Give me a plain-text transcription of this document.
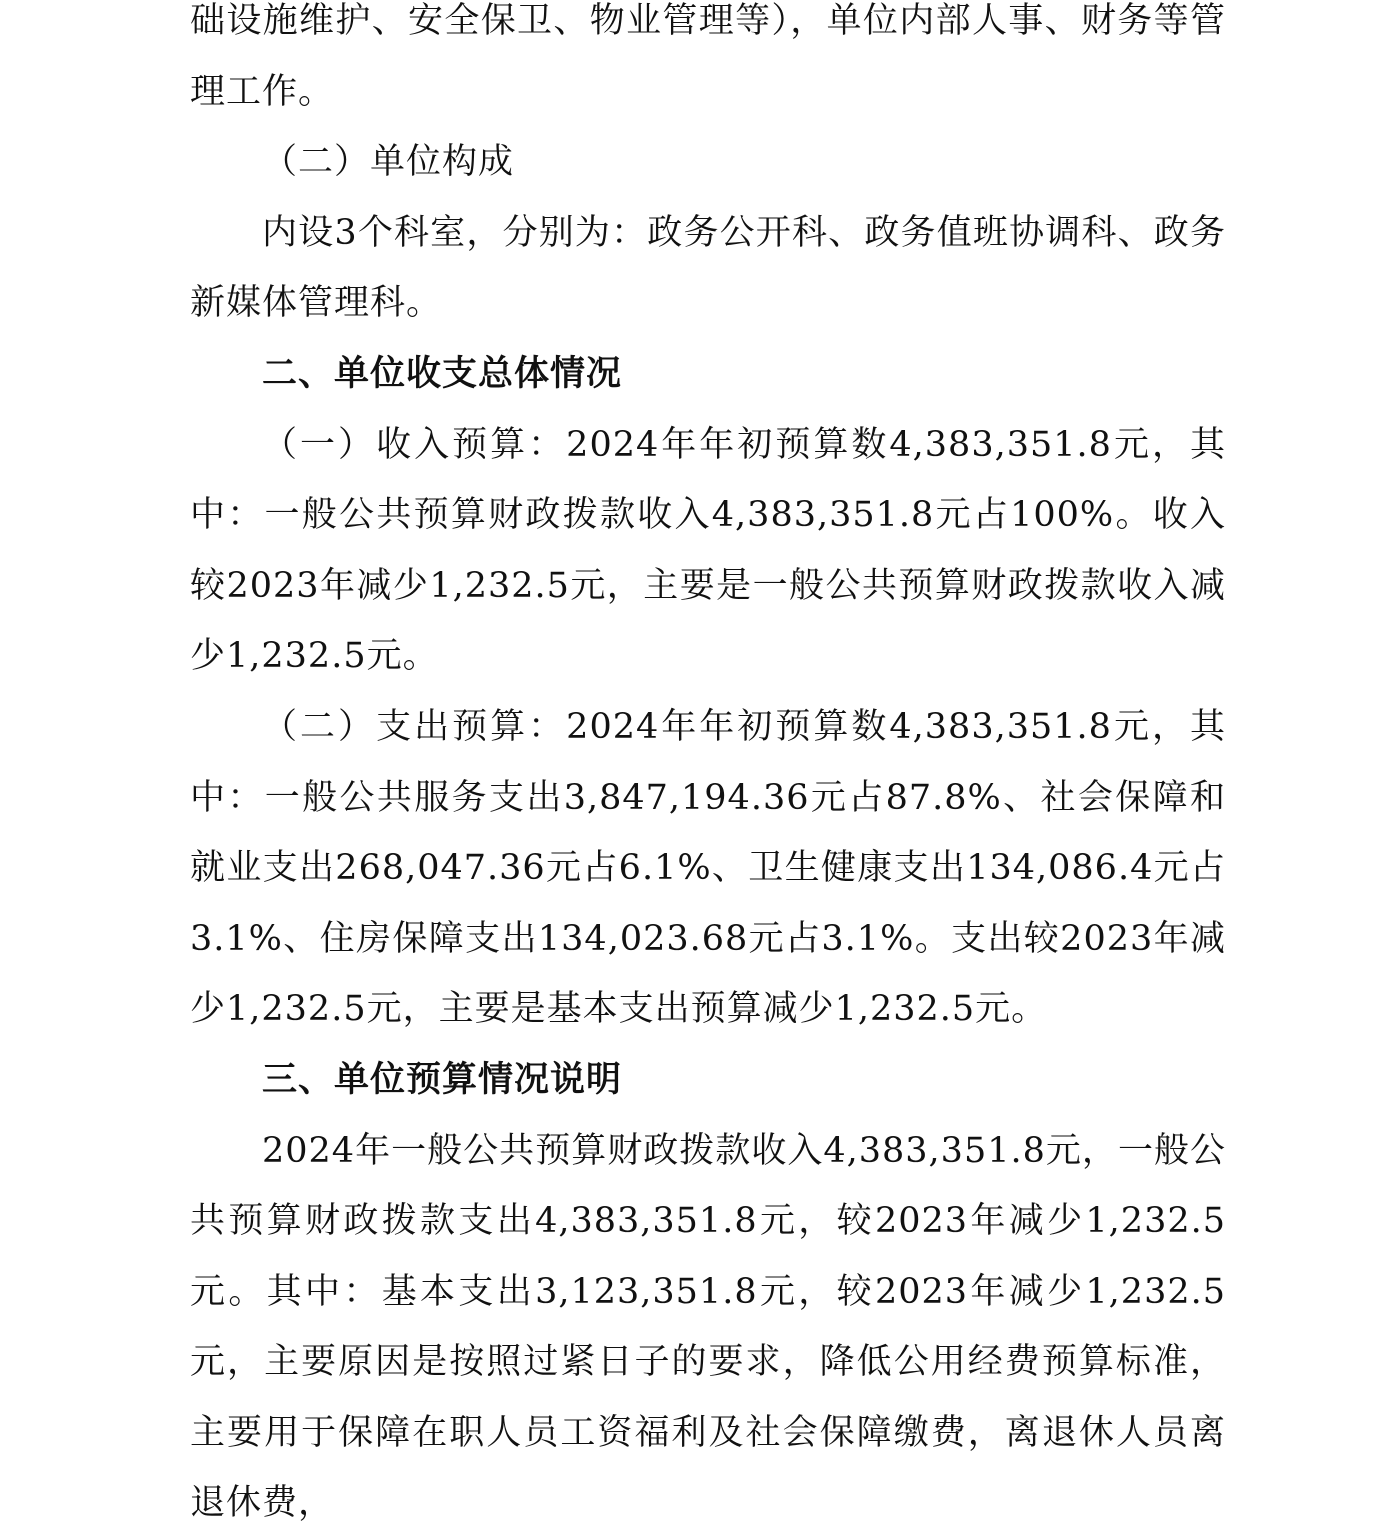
础设施维护、安全保卫、物业管理等），单位内部人事、财务等管理工作。

（二）单位构成

内设3个科室，分别为：政务公开科、政务值班协调科、政务新媒体管理科。

二、单位收支总体情况

（一）收入预算：2024年年初预算数4,383,351.8元，其中：一般公共预算财政拨款收入4,383,351.8元占100%。收入较2023年减少1,232.5元，主要是一般公共预算财政拨款收入减少1,232.5元。

（二）支出预算：2024年年初预算数4,383,351.8元，其中：一般公共服务支出3,847,194.36元占87.8%、社会保障和就业支出268,047.36元占6.1%、卫生健康支出134,086.4元占3.1%、住房保障支出134,023.68元占3.1%。支出较2023年减少1,232.5元，主要是基本支出预算减少1,232.5元。

三、单位预算情况说明

2024年一般公共预算财政拨款收入4,383,351.8元，一般公共预算财政拨款支出4,383,351.8元，较2023年减少1,232.5元。其中：基本支出3,123,351.8元，较2023年减少1,232.5元，主要原因是按照过紧日子的要求，降低公用经费预算标准，主要用于保障在职人员工资福利及社会保障缴费，离退休人员离退休费，
